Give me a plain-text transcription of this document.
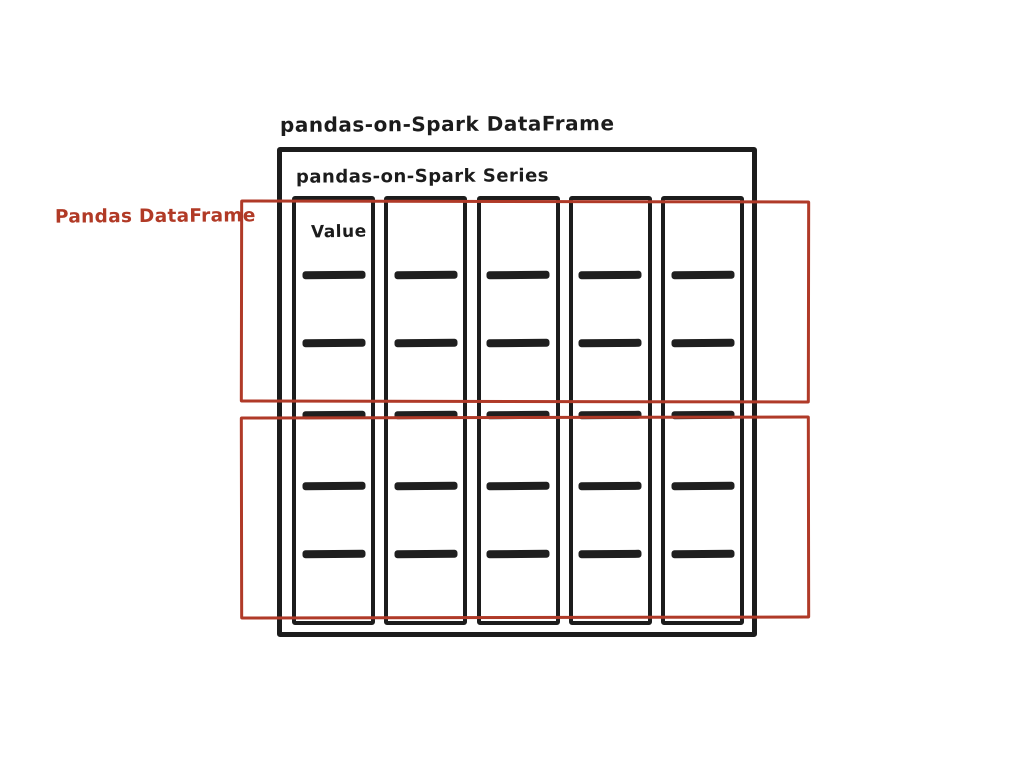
pandas-on-Spark DataFrame
pandas-on-Spark Series
Pandas DataFrame
Value
